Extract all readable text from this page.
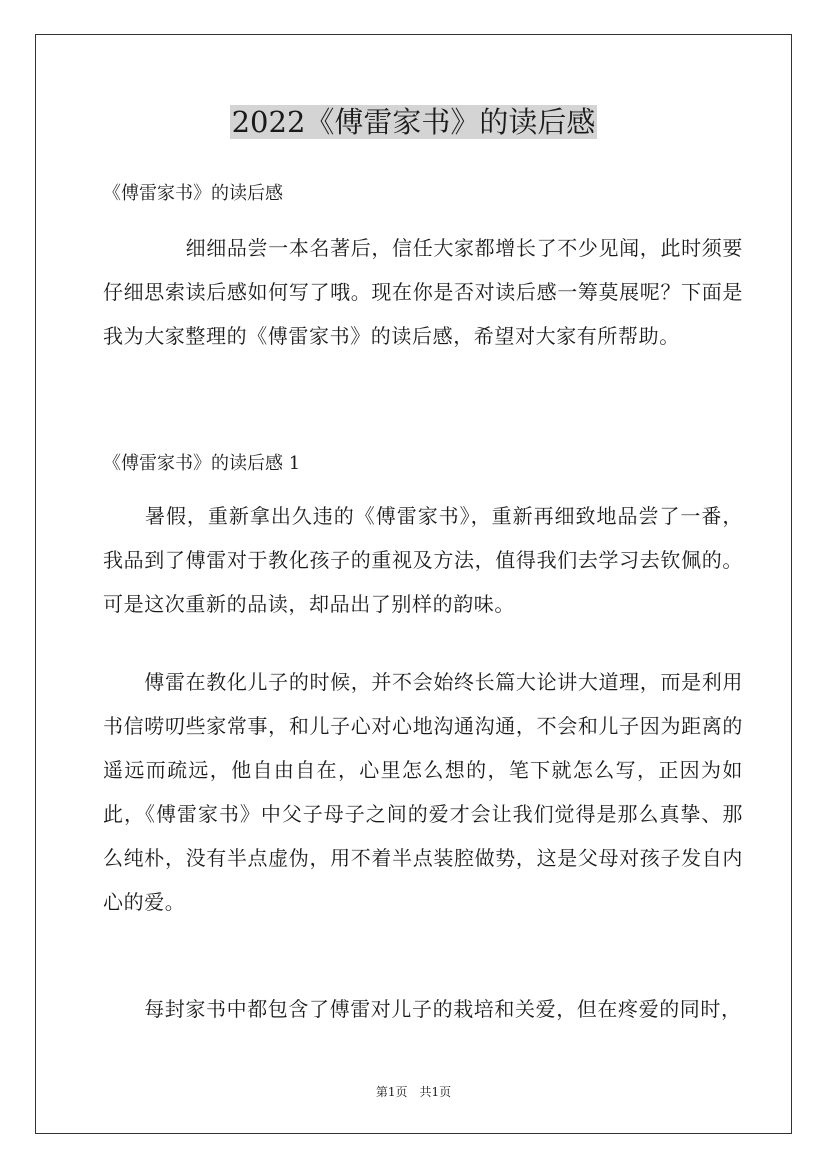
2022《傅雷家书》的读后感
《傅雷家书》的读后感
　　　　细细品尝一本名著后，信任大家都增长了不少见闻，此时须要仔细思索读后感如何写了哦。现在你是否对读后感一筹莫展呢？下面是我为大家整理的《傅雷家书》的读后感，希望对大家有所帮助。
《傅雷家书》的读后感 1
　　暑假，重新拿出久违的《傅雷家书》，重新再细致地品尝了一番，我品到了傅雷对于教化孩子的重视及方法，值得我们去学习去钦佩的。可是这次重新的品读，却品出了别样的韵味。
　　傅雷在教化儿子的时候，并不会始终长篇大论讲大道理，而是利用书信唠叨些家常事，和儿子心对心地沟通沟通，不会和儿子因为距离的遥远而疏远，他自由自在，心里怎么想的，笔下就怎么写，正因为如此，《傅雷家书》中父子母子之间的爱才会让我们觉得是那么真挚、那么纯朴，没有半点虚伪，用不着半点装腔做势，这是父母对孩子发自内心的爱。
　　每封家书中都包含了傅雷对儿子的栽培和关爱，但在疼爱的同时，
第1页　共1页
